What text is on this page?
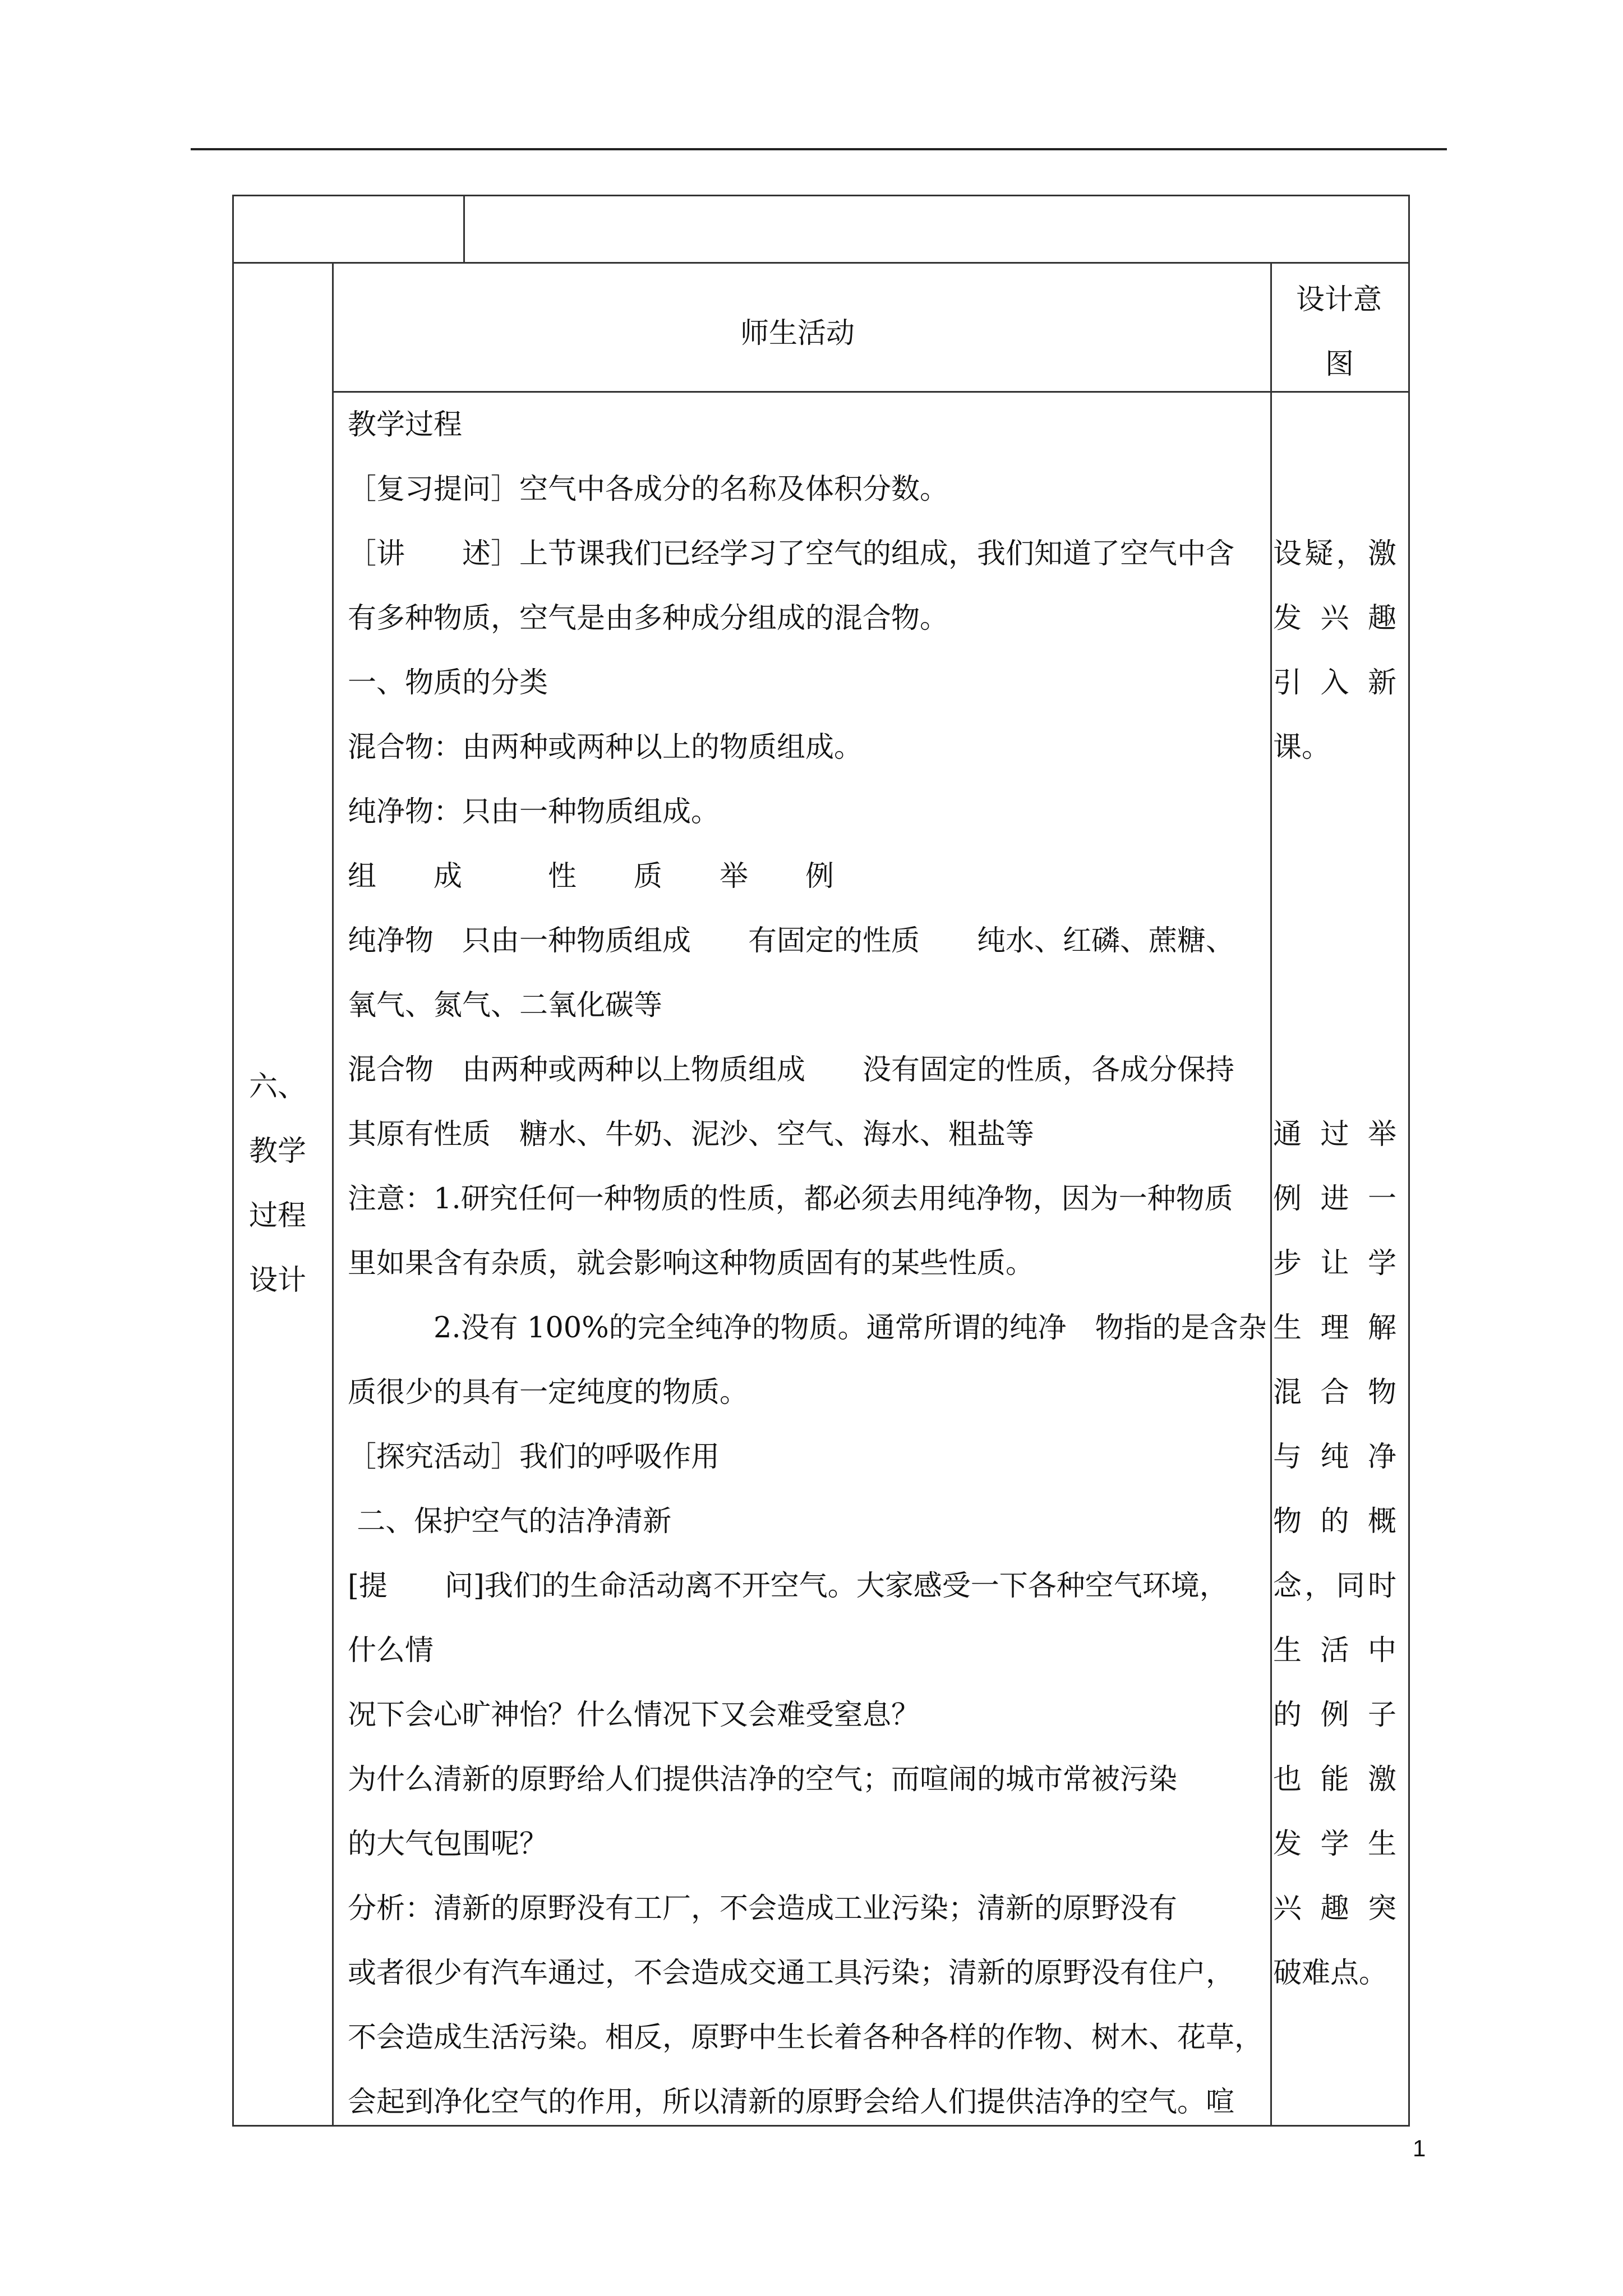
师生活动
设计意
图
六、
教学
过程
设计
教学过程
［复习提问］空气中各成分的名称及体积分数。
［讲　　述］上节课我们已经学习了空气的组成，我们知道了空气中含
有多种物质，空气是由多种成分组成的混合物。
一、物质的分类
混合物：由两种或两种以上的物质组成。
纯净物：只由一种物质组成。
组　　成　　　性　　质　　举　　例
纯净物　只由一种物质组成　　有固定的性质　　纯水、红磷、蔗糖、
氧气、氮气、二氧化碳等
混合物　由两种或两种以上物质组成　　没有固定的性质，各成分保持
其原有性质　糖水、牛奶、泥沙、空气、海水、粗盐等
注意：1.研究任何一种物质的性质，都必须去用纯净物，因为一种物质
里如果含有杂质，就会影响这种物质固有的某些性质。
　　　2.没有 100%的完全纯净的物质。通常所谓的纯净　物指的是含杂
质很少的具有一定纯度的物质。
［探究活动］我们的呼吸作用
二、保护空气的洁净清新
[提　　问]我们的生命活动离不开空气。大家感受一下各种空气环境，
什么情
况下会心旷神怡？什么情况下又会难受窒息？
为什么清新的原野给人们提供洁净的空气；而喧闹的城市常被污染
的大气包围呢？
分析：清新的原野没有工厂，不会造成工业污染；清新的原野没有
或者很少有汽车通过，不会造成交通工具污染；清新的原野没有住户，
不会造成生活污染。相反，原野中生长着各种各样的作物、树木、花草，
会起到净化空气的作用，所以清新的原野会给人们提供洁净的空气。喧
设疑，激
发兴趣
引入新
课。
通过举
例进一
步让学
生理解
混合物
与纯净
物的概
念，同时
生活中
的例子
也能激
发学生
兴趣突
破难点。
1
